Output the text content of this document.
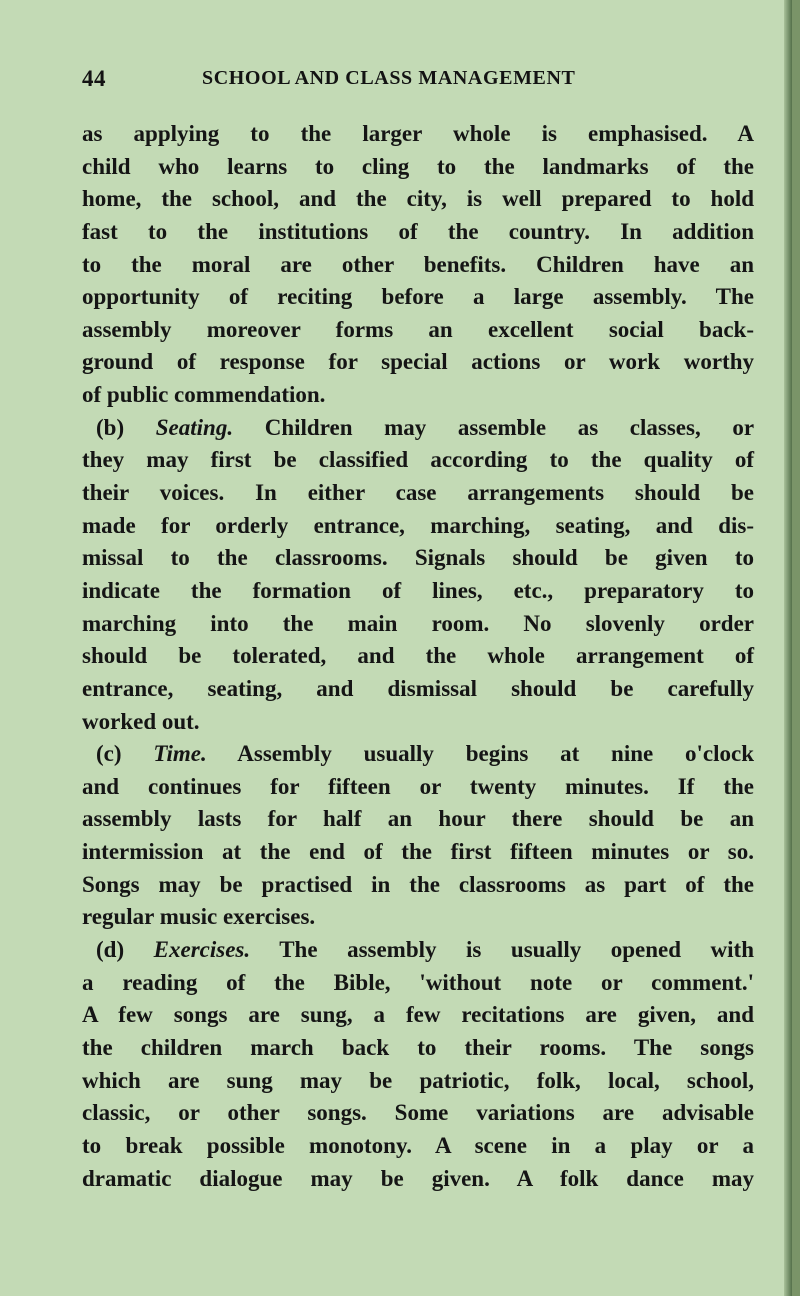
44	SCHOOL AND CLASS MANAGEMENT
as applying to the larger whole is emphasised. A
child who learns to cling to the landmarks of the
home, the school, and the city, is well prepared to hold
fast to the institutions of the country. In addition
to the moral are other benefits. Children have an
opportunity of reciting before a large assembly. The
assembly moreover forms an excellent social back-
ground of response for special actions or work worthy
of public commendation.
(b) Seating. Children may assemble as classes, or
they may first be classified according to the quality of
their voices. In either case arrangements should be
made for orderly entrance, marching, seating, and dis-
missal to the classrooms. Signals should be given to
indicate the formation of lines, etc., preparatory to
marching into the main room. No slovenly order
should be tolerated, and the whole arrangement of
entrance, seating, and dismissal should be carefully
worked out.
(c) Time. Assembly usually begins at nine o'clock
and continues for fifteen or twenty minutes. If the
assembly lasts for half an hour there should be an
intermission at the end of the first fifteen minutes or so.
Songs may be practised in the classrooms as part of the
regular music exercises.
(d) Exercises. The assembly is usually opened with
a reading of the Bible, 'without note or comment.'
A few songs are sung, a few recitations are given, and
the children march back to their rooms. The songs
which are sung may be patriotic, folk, local, school,
classic, or other songs. Some variations are advisable
to break possible monotony. A scene in a play or a
dramatic dialogue may be given. A folk dance may
